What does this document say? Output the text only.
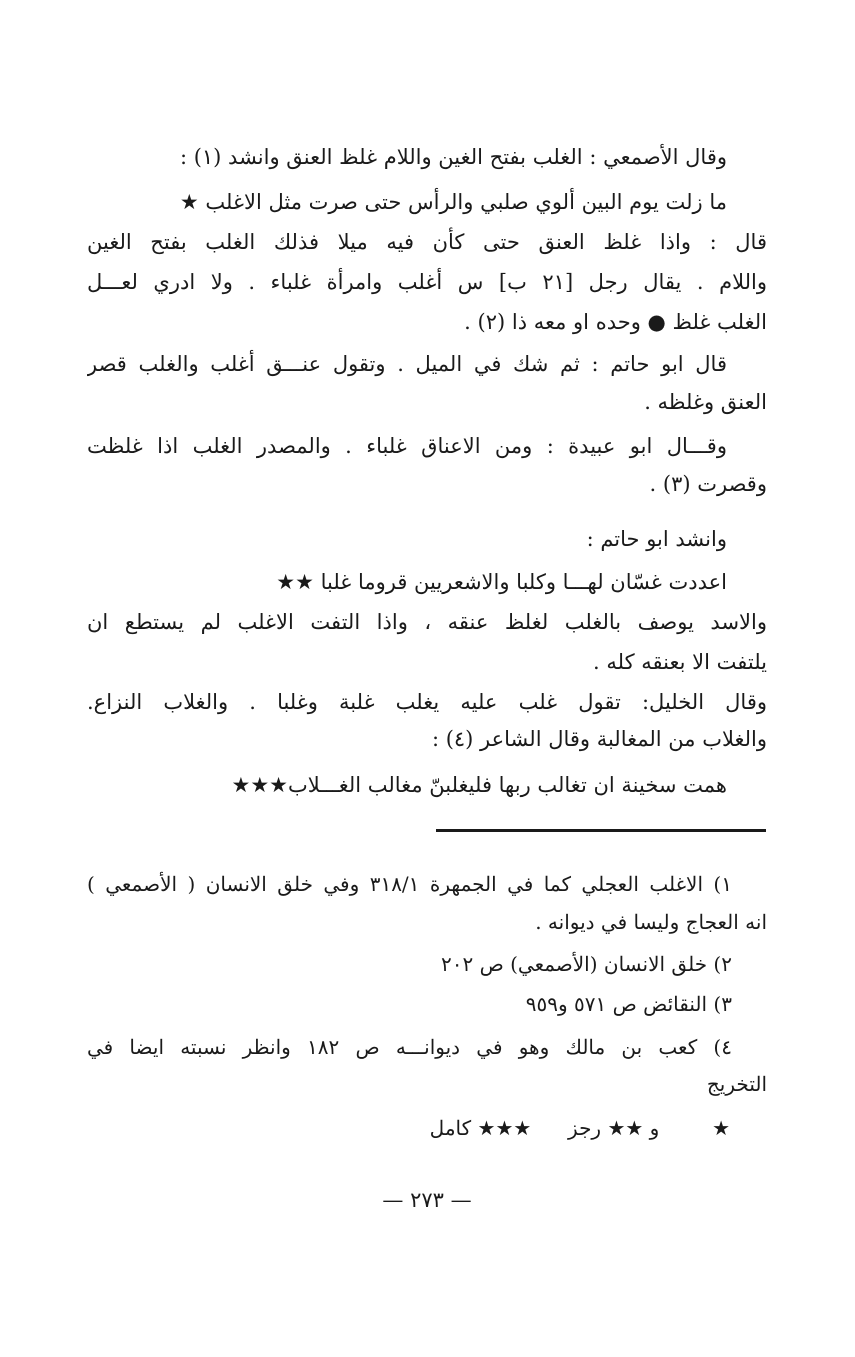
وقال الأصمعي : الغلب بفتح الغين واللام غلظ العنق وانشد (١) :
ما زلت يوم البين ألوي صلبي والرأس حتى صرت مثل الاغلب ★
قال : واذا غلظ العنق حتى كأن فيه ميلا فذلك الغلب بفتح الغين
واللام . يقال رجل [٢١ ب] س أغلب وامرأة غلباء . ولا ادري لعـــل
الغلب غلظ ● وحده او معه ذا (٢) .
قال ابو حاتم : ثم شك في الميل . وتقول عنـــق أغلب والغلب قصر
العنق وغلظه .
وقـــال ابو عبيدة : ومن الاعناق غلباء . والمصدر الغلب اذا غلظت
وقصرت (٣) .
وانشد ابو حاتم :
اعددت غسّان لهـــا وكلبا والاشعريين قروما غلبا ★★
والاسد يوصف بالغلب لغلظ عنقه ، واذا التفت الاغلب لم يستطع ان
يلتفت الا بعنقه كله .
وقال الخليل: تقول غلب عليه يغلب غلبة وغلبا . والغلاب النزاع.
والغلاب من المغالبة وقال الشاعر (٤) :
همت سخينة ان تغالب ربها فليغلبنّ مغالب الغـــلاب★★★
١) الاغلب العجلي كما في الجمهرة ٣١٨/١ وفي خلق الانسان ( الأصمعي )
انه العجاج وليسا في ديوانه .
٢) خلق الانسان (الأصمعي) ص ٢٠٢
٣) النقائض ص ٥٧١ و٩٥٩
٤) كعب بن مالك وهو في ديوانـــه ص ١٨٢ وانظر نسبته ايضا في
التخريج
★  و ★★ رجز  ★★★ كامل
— ٢٧٣ —
